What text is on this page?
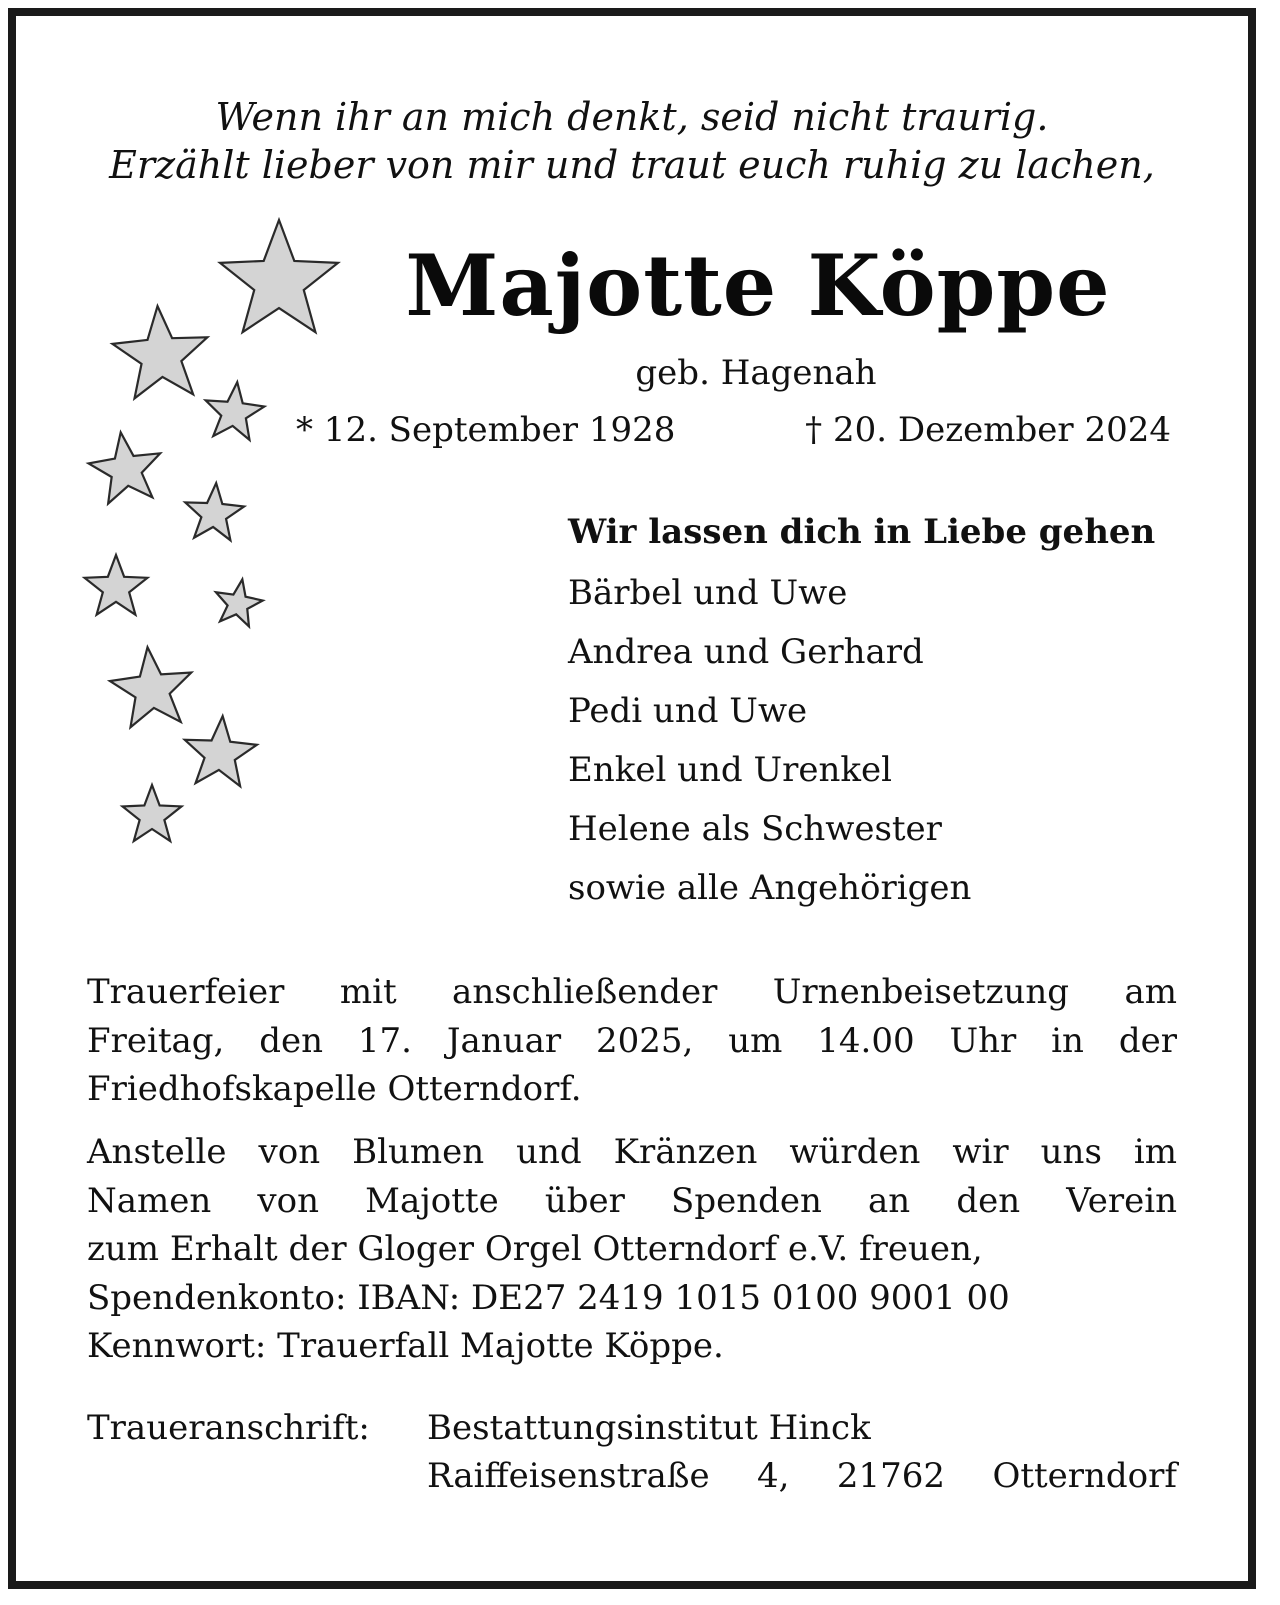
Wenn ihr an mich denkt, seid nicht traurig.
Erzählt lieber von mir und traut euch ruhig zu lachen,
Majotte Köppe
geb. Hagenah
* 12. September 1928	† 20. Dezember 2024
Wir lassen dich in Liebe gehen
Bärbel und Uwe
Andrea und Gerhard
Pedi und Uwe
Enkel und Urenkel
Helene als Schwester
sowie alle Angehörigen
Trauerfeier mit anschließender Urnenbeisetzung am
Freitag, den 17. Januar 2025, um 14.00 Uhr in der
Friedhofskapelle Otterndorf.
Anstelle von Blumen und Kränzen würden wir uns im
Namen von Majotte über Spenden an den Verein
zum Erhalt der Gloger Orgel Otterndorf e.V. freuen,
Spendenkonto: IBAN: DE27 2419 1015 0100 9001 00
Kennwort: Trauerfall Majotte Köppe.
Traueranschrift: Bestattungsinstitut Hinck
Raiffeisenstraße 4, 21762 Otterndorf
